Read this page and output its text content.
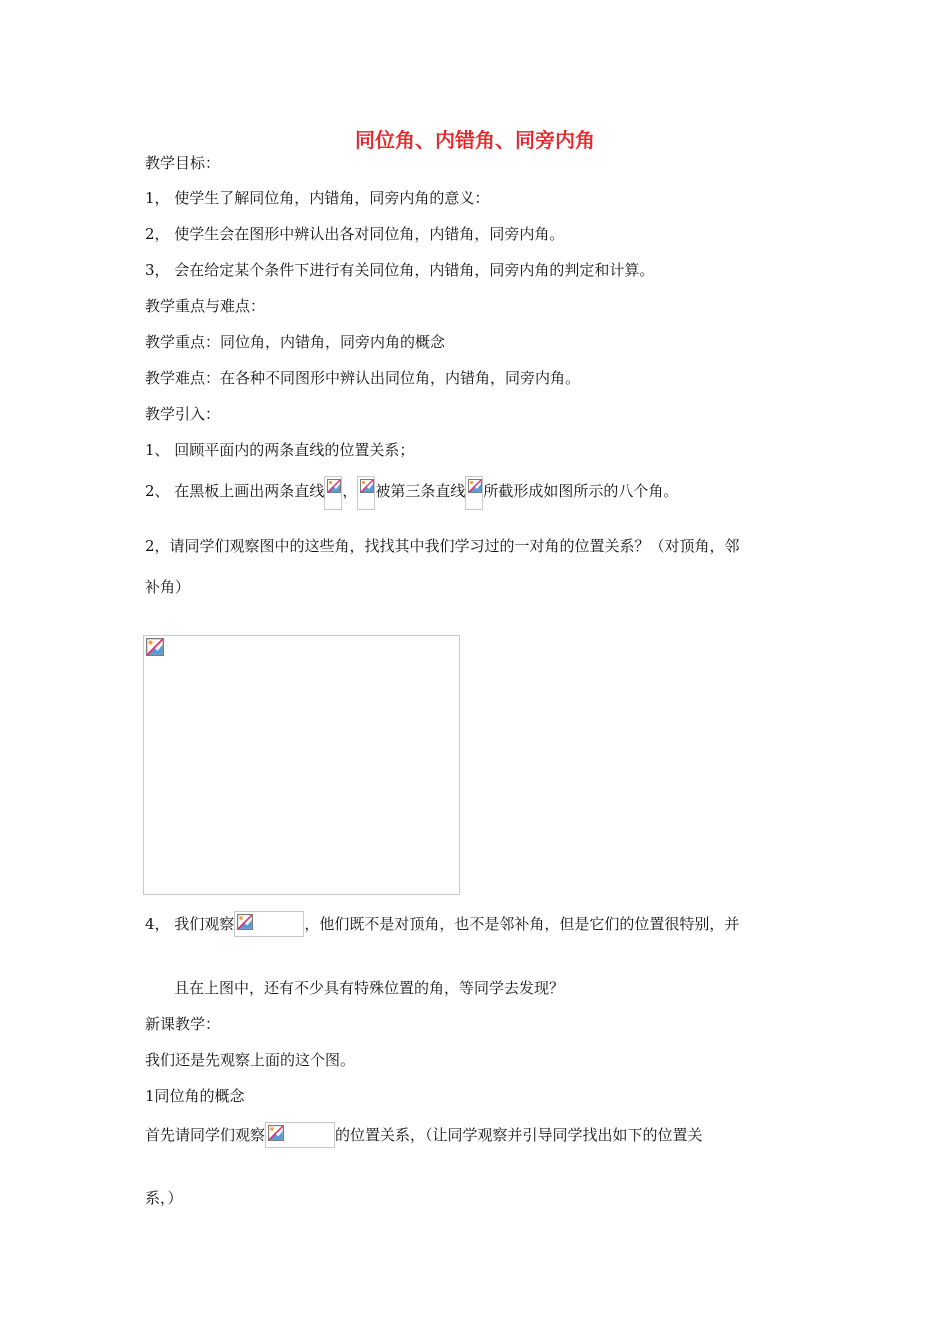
同位角、内错角、同旁内角
教学目标：
1， 使学生了解同位角，内错角，同旁内角的意义：
2， 使学生会在图形中辨认出各对同位角，内错角，同旁内角。
3， 会在给定某个条件下进行有关同位角，内错角，同旁内角的判定和计算。
教学重点与难点：
教学重点：同位角，内错角，同旁内角的概念
教学难点：在各种不同图形中辨认出同位角，内错角，同旁内角。
教学引入：
1、 回顾平面内的两条直线的位置关系；
2、 在黑板上画出两条直线 ， 被第三条直线 所截形成如图所示的八个角。
2，请同学们观察图中的这些角，找找其中我们学习过的一对角的位置关系？（对顶角，邻
补角）
4， 我们观察	，他们既不是对顶角，也不是邻补角，但是它们的位置很特别，并
且在上图中，还有不少具有特殊位置的角，等同学去发现？
新课教学：
我们还是先观察上面的这个图。
1同位角的概念
首先请同学们观察	的位置关系，（让同学观察并引导同学找出如下的位置关
系，）
